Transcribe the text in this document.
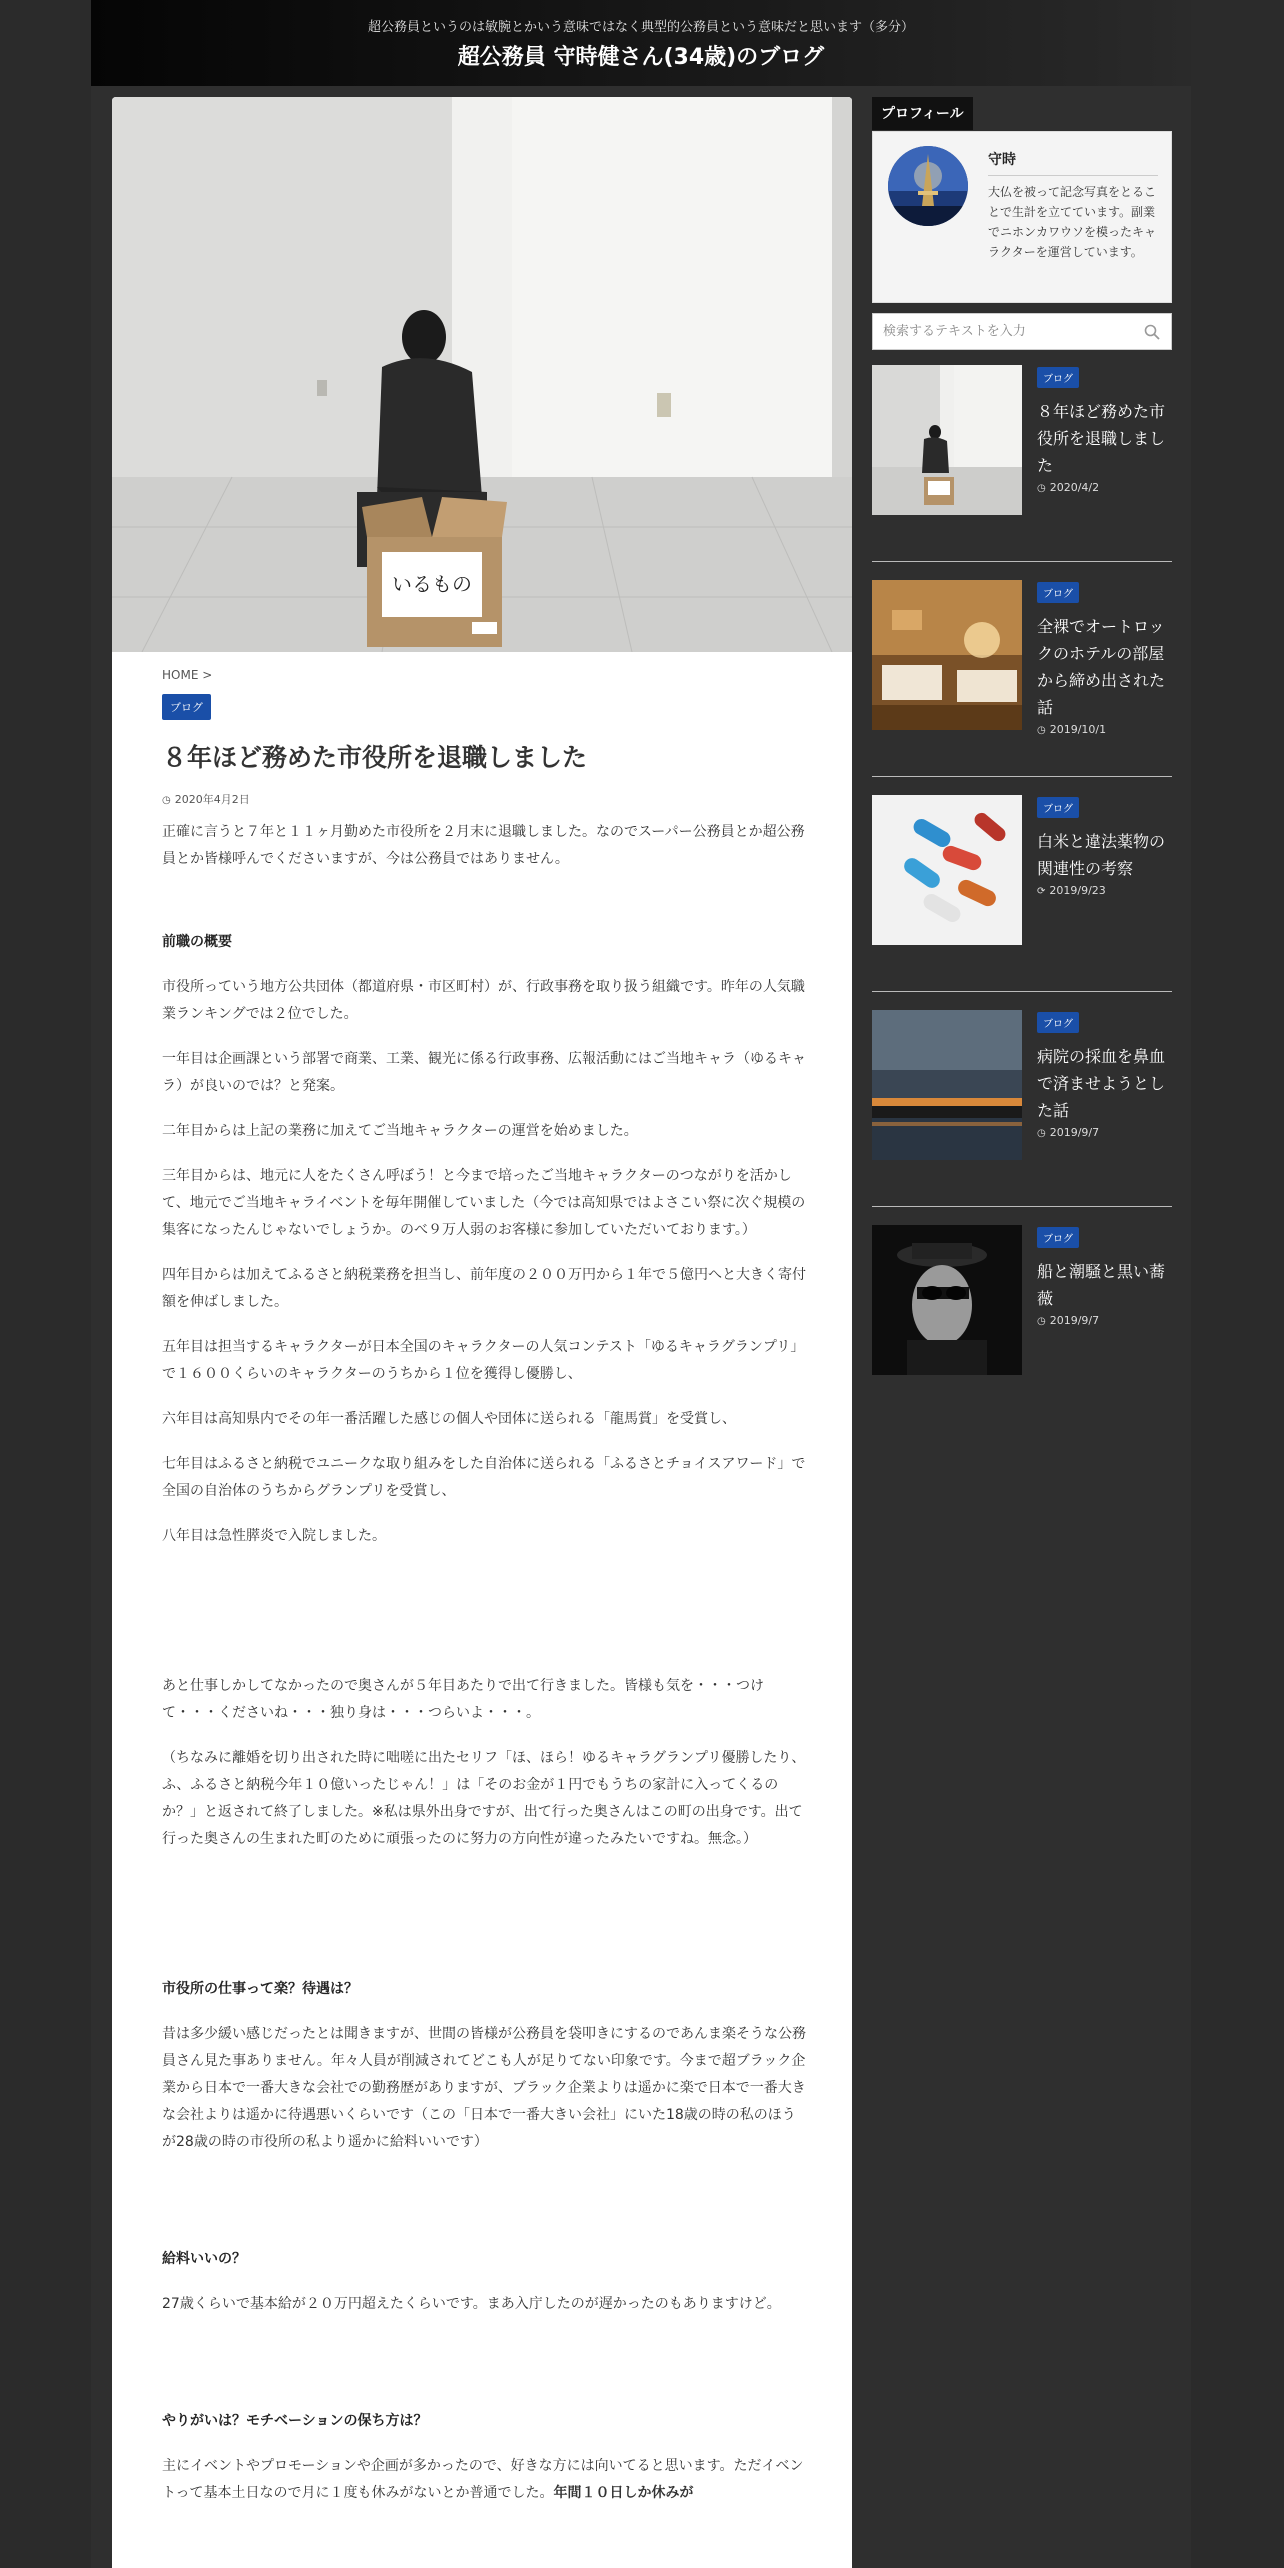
超公務員というのは敏腕とかいう意味ではなく典型的公務員という意味だと思います（多分）
超公務員 守時健さん(34歳)のブログ
いるもの
HOME >
ブログ
８年ほど務めた市役所を退職しました
◷ 2020年4月2日

正確に言うと７年と１１ヶ月勤めた市役所を２月末に退職しました。なのでスーパー公務員とか超公務員とか皆様呼んでくださいますが、今は公務員ではありません。

前職の概要

市役所っていう地方公共団体（都道府県・市区町村）が、行政事務を取り扱う組織です。昨年の人気職業ランキングでは２位でした。

一年目は企画課という部署で商業、工業、観光に係る行政事務、広報活動にはご当地キャラ（ゆるキャラ）が良いのでは？と発案。

二年目からは上記の業務に加えてご当地キャラクターの運営を始めました。

三年目からは、地元に人をたくさん呼ぼう！と今まで培ったご当地キャラクターのつながりを活かして、地元でご当地キャライベントを毎年開催していました（今では高知県ではよさこい祭に次ぐ規模の集客になったんじゃないでしょうか。のべ９万人弱のお客様に参加していただいております。）

四年目からは加えてふるさと納税業務を担当し、前年度の２００万円から１年で５億円へと大きく寄付額を伸ばしました。

五年目は担当するキャラクターが日本全国のキャラクターの人気コンテスト「ゆるキャラグランプリ」で１６００くらいのキャラクターのうちから１位を獲得し優勝し、

六年目は高知県内でその年一番活躍した感じの個人や団体に送られる「龍馬賞」を受賞し、

七年目はふるさと納税でユニークな取り組みをした自治体に送られる「ふるさとチョイスアワード」で全国の自治体のうちからグランプリを受賞し、

八年目は急性膵炎で入院しました。

あと仕事しかしてなかったので奥さんが５年目あたりで出て行きました。皆様も気を・・・つけて・・・くださいね・・・独り身は・・・つらいよ・・・。

（ちなみに離婚を切り出された時に咄嗟に出たセリフ「ほ、ほら！ゆるキャラグランプリ優勝したり、ふ、ふるさと納税今年１０億いったじゃん！」は「そのお金が１円でもうちの家計に入ってくるのか？」と返されて終了しました。※私は県外出身ですが、出て行った奥さんはこの町の出身です。出て行った奥さんの生まれた町のために頑張ったのに努力の方向性が違ったみたいですね。無念。）

市役所の仕事って楽？待遇は？

昔は多少緩い感じだったとは聞きますが、世間の皆様が公務員を袋叩きにするのであんま楽そうな公務員さん見た事ありません。年々人員が削減されてどこも人が足りてない印象です。今まで超ブラック企業から日本で一番大きな会社での勤務歴がありますが、ブラック企業よりは遥かに楽で日本で一番大きな会社よりは遥かに待遇悪いくらいです（この「日本で一番大きい会社」にいた18歳の時の私のほうが28歳の時の市役所の私より遥かに給料いいです）

給料いいの？

27歳くらいで基本給が２０万円超えたくらいです。まあ入庁したのが遅かったのもありますけど。

やりがいは？モチベーションの保ち方は？

主にイベントやプロモーションや企画が多かったので、好きな方には向いてると思います。ただイベントって基本土日なので月に１度も休みがないとか普通でした。年間１０日しか休みが

プロフィール
守時
大仏を被って記念写真をとることで生計を立てています。副業でニホンカワウソを模ったキャラクターを運営しています。
検索するテキストを入力
ブログ
８年ほど務めた市役所を退職しました
◷ 2020/4/2
ブログ
全裸でオートロックのホテルの部屋から締め出された話
◷ 2019/10/1
ブログ
白米と違法薬物の関連性の考察
⟳ 2019/9/23
ブログ
病院の採血を鼻血で済ませようとした話
◷ 2019/9/7
ブログ
船と潮騒と黒い蕎薇
◷ 2019/9/7
